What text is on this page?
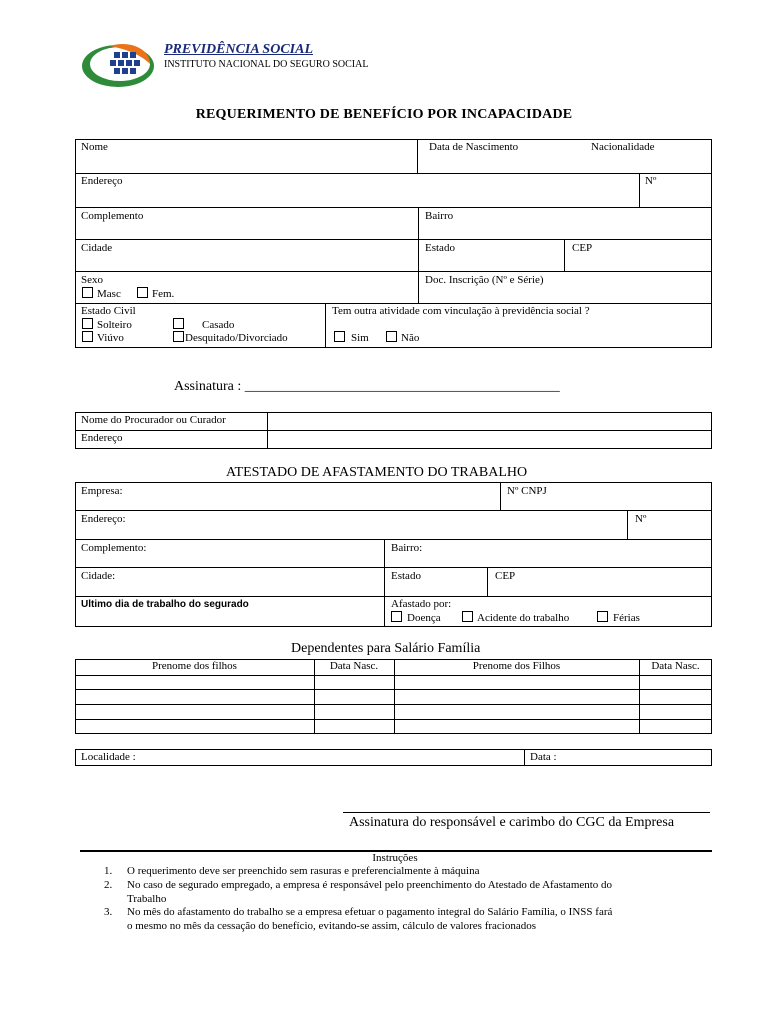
PREVIDÊNCIA SOCIAL
INSTITUTO NACIONAL DO SEGURO SOCIAL
REQUERIMENTO DE BENEFÍCIO POR INCAPACIDADE
Nome	Data de Nascimento	Nacionalidade
Endereço	Nº
Complemento	Bairro
Cidade	Estado	CEP
Sexo
Masc	Fem.
Doc. Inscrição (Nº e Série)
Estado Civil
Solteiro	Casado
Viúvo	Desquitado/Divorciado
Tem outra atividade com vinculação à previdência social ?
Sim	Não
Assinatura : _____________________________________________
Nome do Procurador ou Curador
Endereço
ATESTADO DE AFASTAMENTO DO TRABALHO
Empresa:	Nº CNPJ
Endereço:	Nº
Complemento:	Bairro:
Cidade:	Estado	CEP
Ultimo dia de trabalho do segurado	Afastado por:
Doença	Acidente do trabalho	Férias
Dependentes para Salário Família
Prenome dos filhos	Data Nasc.	Prenome dos Filhos	Data Nasc.
Localidade :	Data :
Assinatura do responsável e carimbo do CGC da Empresa
Instruções
1. O requerimento deve ser preenchido sem rasuras e preferencialmente à máquina
2. No caso de segurado empregado, a empresa é responsável pelo preenchimento do Atestado de Afastamento do
Trabalho
3. No mês do afastamento do trabalho se a empresa efetuar o pagamento integral do Salário Família, o INSS fará
o mesmo no mês da cessação do benefício, evitando-se assim, cálculo de valores fracionados
